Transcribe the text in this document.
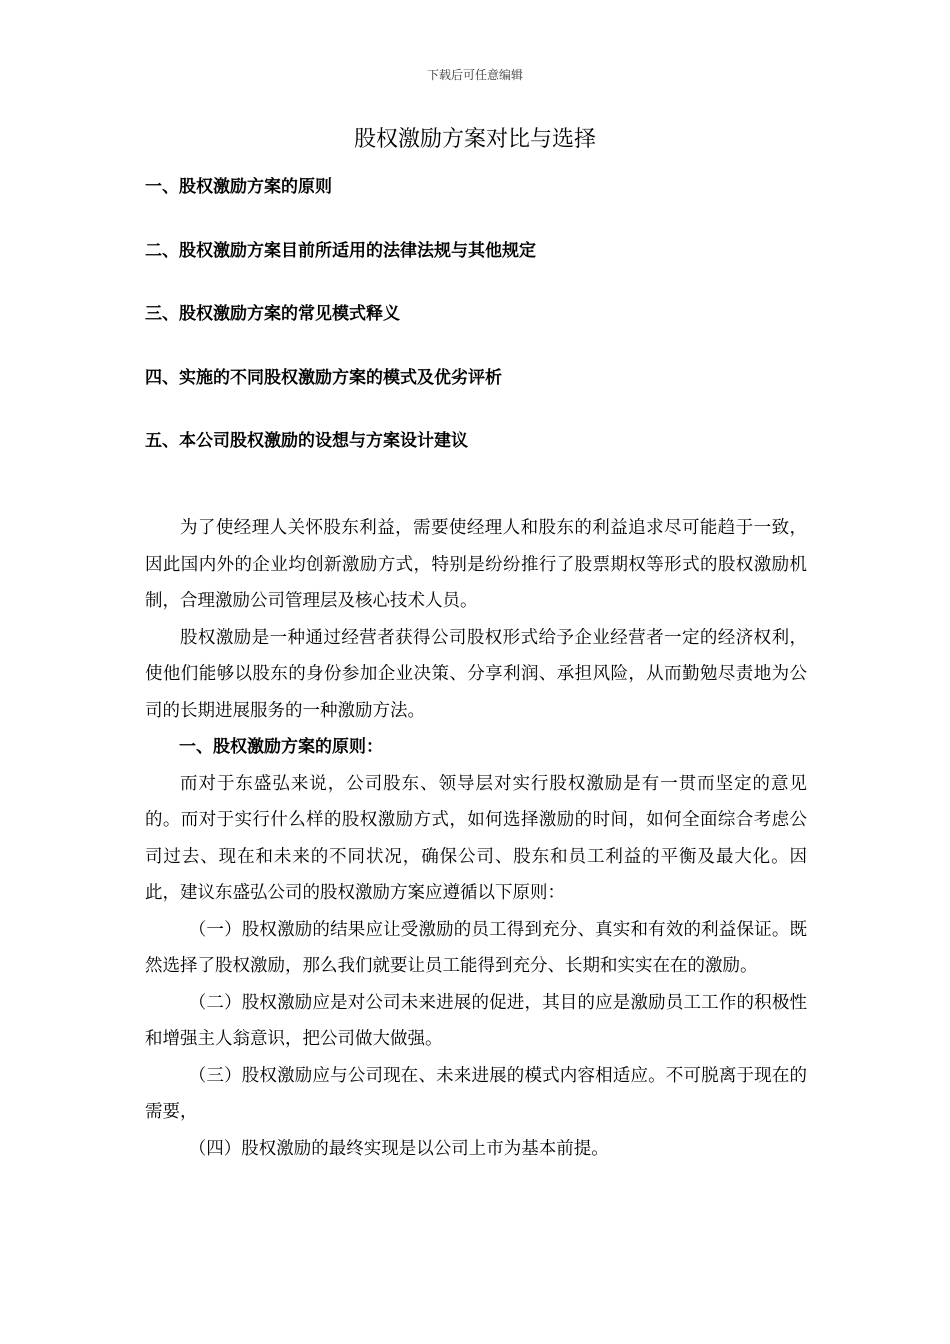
下载后可任意编辑
股权激励方案对比与选择
一、股权激励方案的原则
二、股权激励方案目前所适用的法律法规与其他规定
三、股权激励方案的常见模式释义
四、实施的不同股权激励方案的模式及优劣评析
五、本公司股权激励的设想与方案设计建议

为了使经理人关怀股东利益，需要使经理人和股东的利益追求尽可能趋于一致，因此国内外的企业均创新激励方式，特别是纷纷推行了股票期权等形式的股权激励机制，合理激励公司管理层及核心技术人员。

股权激励是一种通过经营者获得公司股权形式给予企业经营者一定的经济权利，使他们能够以股东的身份参加企业决策、分享利润、承担风险，从而勤勉尽责地为公司的长期进展服务的一种激励方法。

一、股权激励方案的原则：

而对于东盛弘来说，公司股东、领导层对实行股权激励是有一贯而坚定的意见的。而对于实行什么样的股权激励方式，如何选择激励的时间，如何全面综合考虑公司过去、现在和未来的不同状况，确保公司、股东和员工利益的平衡及最大化。因此，建议东盛弘公司的股权激励方案应遵循以下原则：

（一）股权激励的结果应让受激励的员工得到充分、真实和有效的利益保证。既然选择了股权激励，那么我们就要让员工能得到充分、长期和实实在在的激励。

（二）股权激励应是对公司未来进展的促进，其目的应是激励员工工作的积极性和增强主人翁意识，把公司做大做强。

（三）股权激励应与公司现在、未来进展的模式内容相适应。不可脱离于现在的需要，

（四）股权激励的最终实现是以公司上市为基本前提。
